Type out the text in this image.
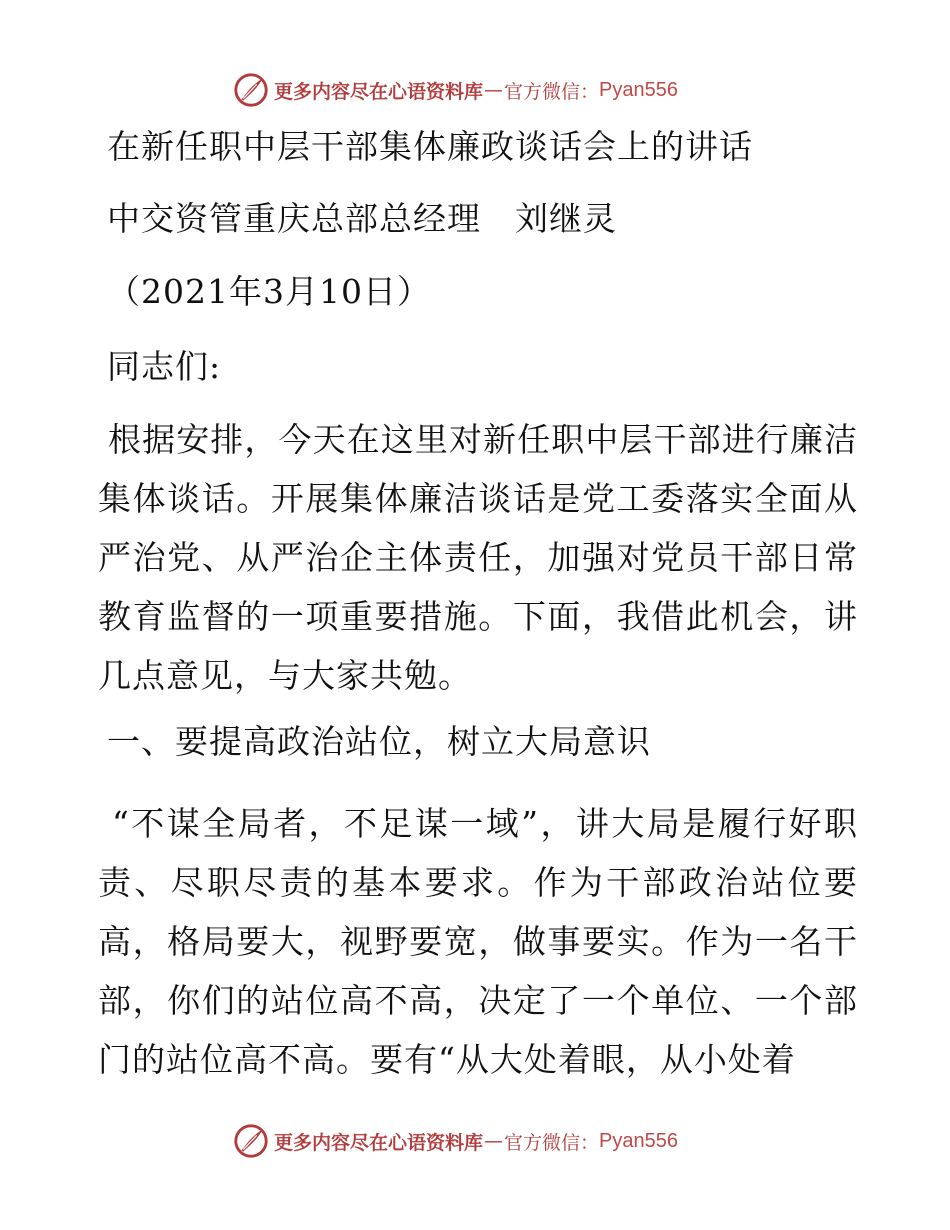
更多内容尽在心语资料库 — 官方微信： Pyan556
在新任职中层干部集体廉政谈话会上的讲话
中交资管重庆总部总经理　刘继灵
（2021年3月10日）
同志们:
根据安排，今天在这里对新任职中层干部进行廉洁集体谈话。开展集体廉洁谈话是党工委落实全面从严治党、从严治企主体责任，加强对党员干部日常教育监督的一项重要措施。下面，我借此机会，讲几点意见，与大家共勉。
一、要提高政治站位，树立大局意识
“不谋全局者，不足谋一域”，讲大局是履行好职责、尽职尽责的基本要求。作为干部政治站位要高，格局要大，视野要宽，做事要实。作为一名干部，你们的站位高不高，决定了一个单位、一个部门的站位高不高。要有“从大处着眼，从小处着
更多内容尽在心语资料库 — 官方微信： Pyan556
